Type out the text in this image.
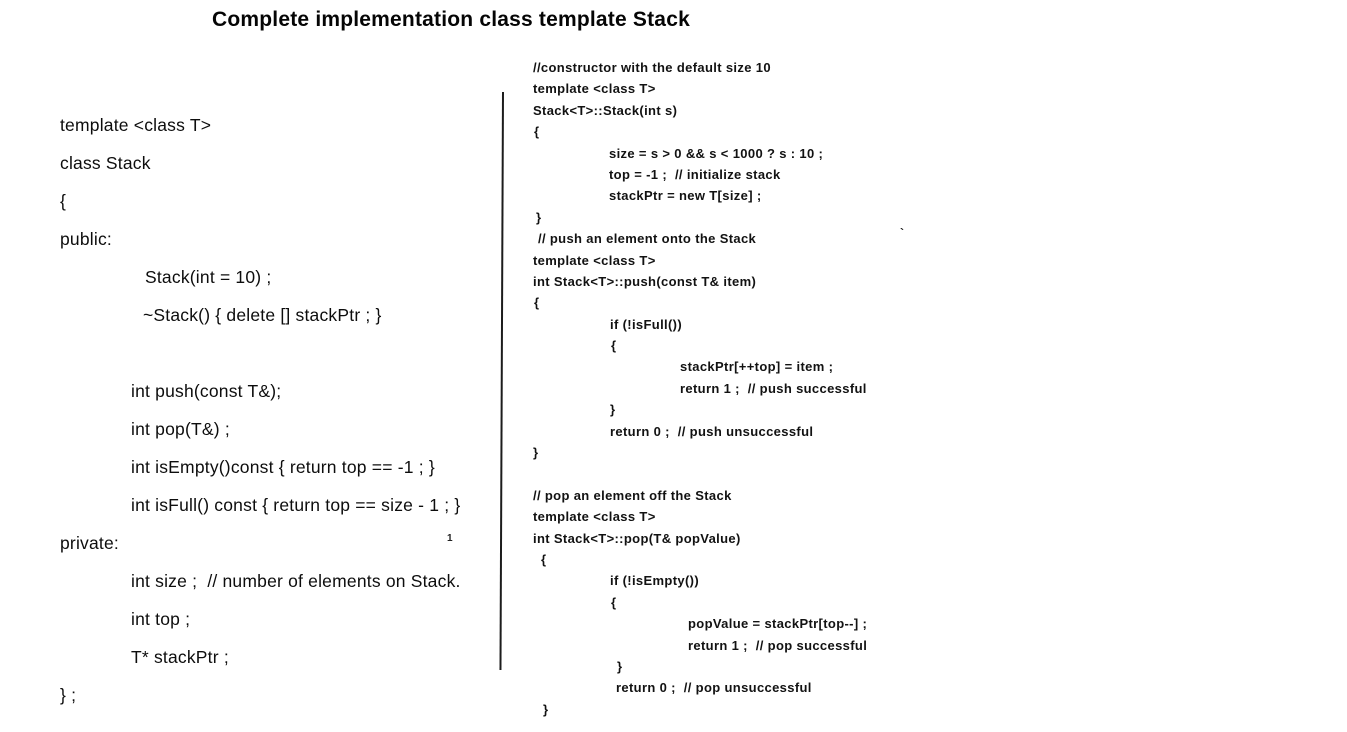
Complete implementation class template Stack
template <class T>
class Stack
{
public:
Stack(int = 10) ;
~Stack() { delete [] stackPtr ; }

int push(const T&);
int pop(T&) ;
int isEmpty()const { return top == -1 ; }
int isFull() const { return top == size - 1 ; }
private:
int size ;  // number of elements on Stack.
int top ;
T* stackPtr ;
} ;
//constructor with the default size 10
template <class T>
Stack<T>::Stack(int s)
{
size = s > 0 && s < 1000 ? s : 10 ;
top = -1 ;  // initialize stack
stackPtr = new T[size] ;
}
// push an element onto the Stack
template <class T>
int Stack<T>::push(const T& item)
{
if (!isFull())
{
stackPtr[++top] = item ;
return 1 ;  // push successful
}
return 0 ;  // push unsuccessful
}

// pop an element off the Stack
template <class T>
int Stack<T>::pop(T& popValue)
{
if (!isEmpty())
{
popValue = stackPtr[top--] ;
return 1 ;  // pop successful
}
return 0 ;  // pop unsuccessful
}
1
`
